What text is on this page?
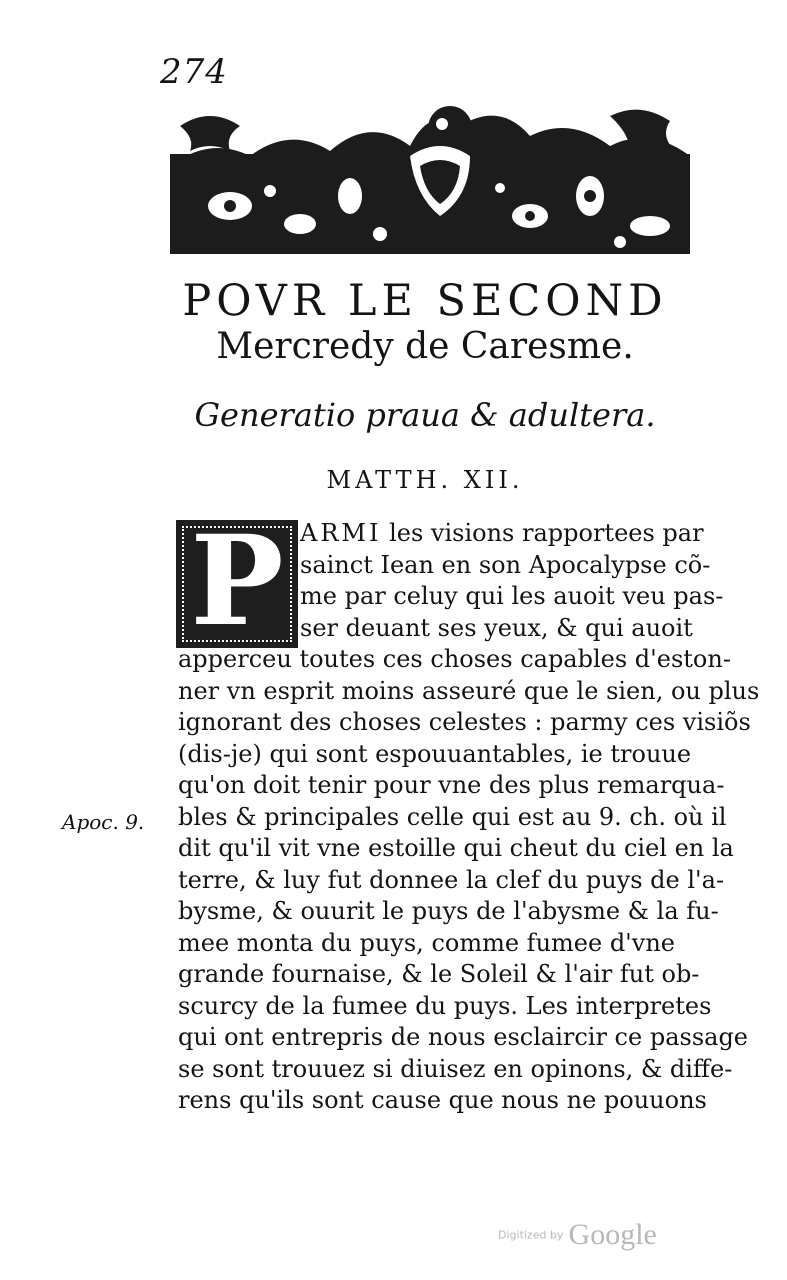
274
POVR LE SECOND
Mercredy de Caresme.
Generatio praua & adultera.
MATTH. XII.
P ARMI les visions rapportees par
sainct Iean en son Apocalypse cõ-
me par celuy qui les auoit veu pas-
ser deuant ses yeux, & qui auoit
apperceu toutes ces choses capables d'eston-
ner vn esprit moins asseuré que le sien, ou plus
ignorant des choses celestes : parmy ces visiõs
(dis-je) qui sont espouuantables, ie trouue
qu'on doit tenir pour vne des plus remarqua-
bles & principales celle qui est au 9. ch. où il
dit qu'il vit vne estoille qui cheut du ciel en la
terre, & luy fut donnee la clef du puys de l'a-
bysme, & ouurit le puys de l'abysme & la fu-
mee monta du puys, comme fumee d'vne
grande fournaise, & le Soleil & l'air fut ob-
scurcy de la fumee du puys. Les interpretes
qui ont entrepris de nous esclaircir ce passage
se sont trouuez si diuisez en opinons, & diffe-
rens qu'ils sont cause que nous ne pouuons
Apoc. 9.
Digitized by Google
